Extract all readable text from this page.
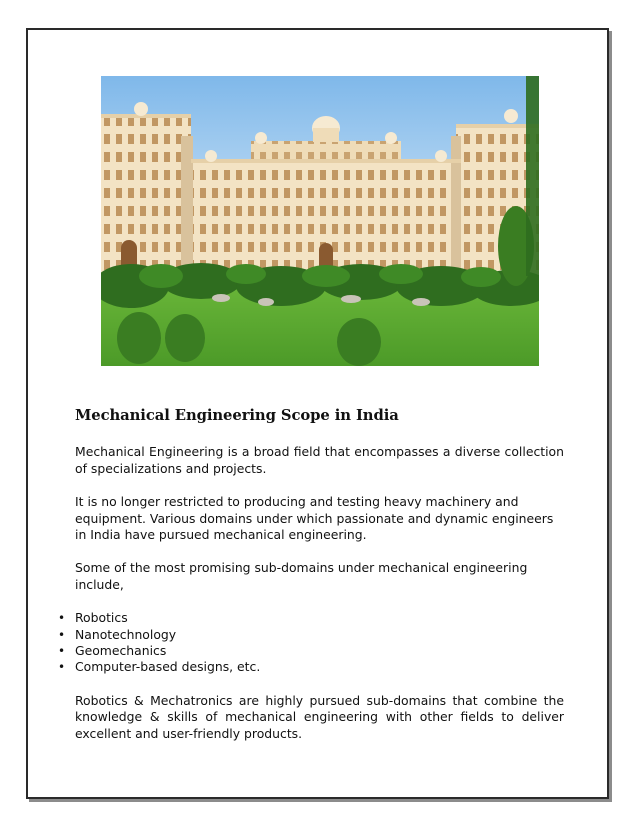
Mechanical Engineering Scope in India

Mechanical Engineering is a broad field that encompasses a diverse collection of specializations and projects.

It is no longer restricted to producing and testing heavy machinery and equipment. Various domains under which passionate and dynamic engineers in India have pursued mechanical engineering.

Some of the most promising sub-domains under mechanical engineering include,

• Robotics
• Nanotechnology
• Geomechanics
• Computer-based designs, etc.

Robotics & Mechatronics are highly pursued sub-domains that combine the knowledge & skills of mechanical engineering with other fields to deliver excellent and user-friendly products.
